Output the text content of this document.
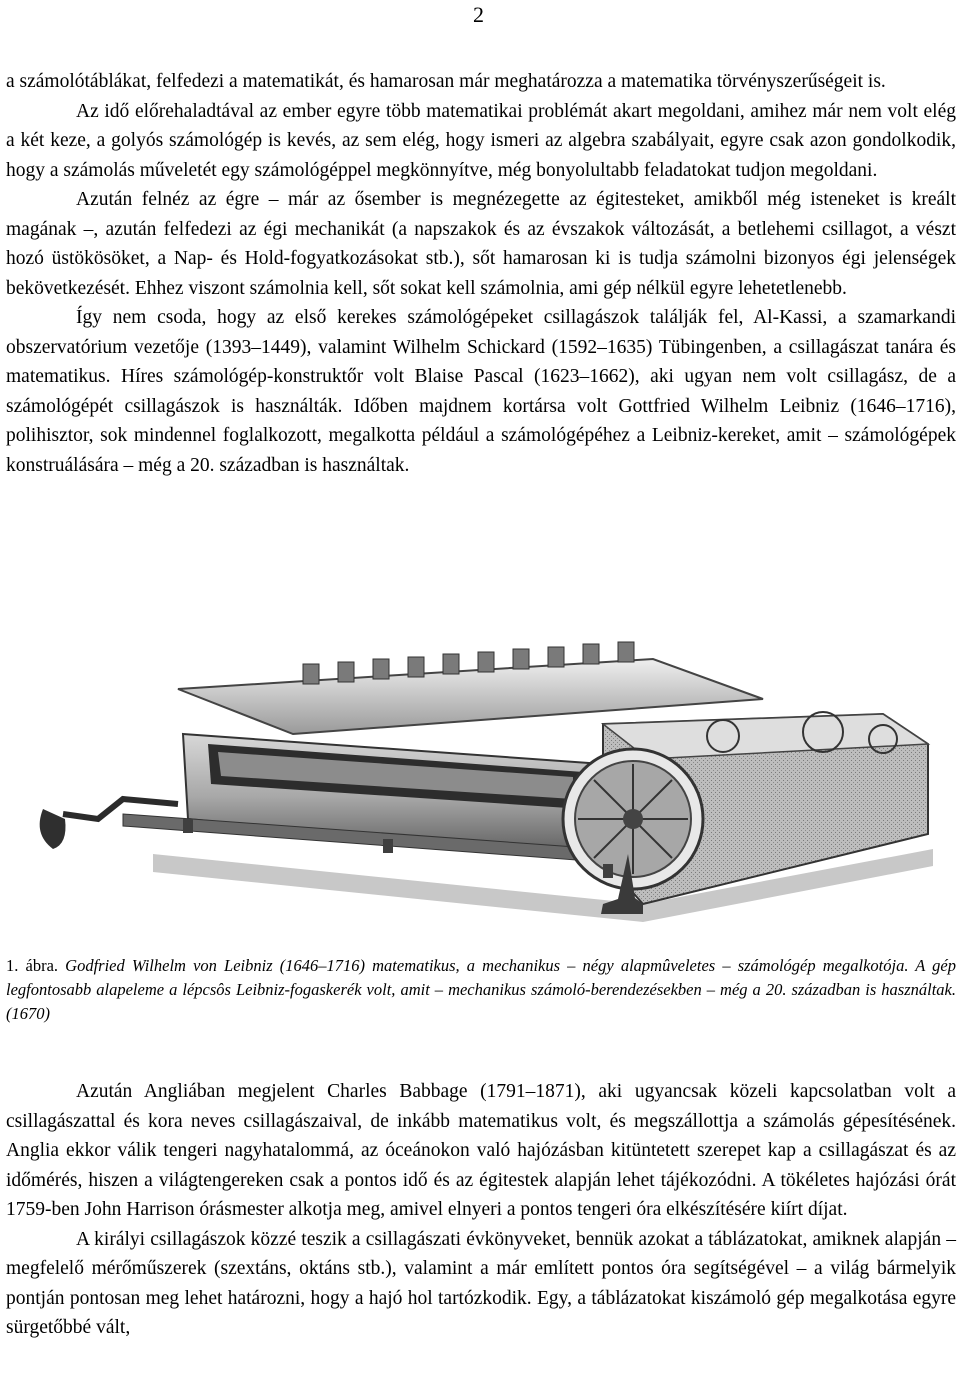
2

a számolótáblákat, felfedezi a matematikát, és hamarosan már meghatározza a matematika törvényszerűségeit is.

Az idő előrehaladtával az ember egyre több matematikai problémát akart megoldani, amihez már nem volt elég a két keze, a golyós számológép is kevés, az sem elég, hogy ismeri az algebra szabályait, egyre csak azon gondolkodik, hogy a számolás műveletét egy számológéppel megkönnyítve, még bonyolultabb feladatokat tudjon megoldani.

Azután felnéz az égre – már az ősember is megnézegette az égitesteket, amikből még isteneket is kreált magának –, azután felfedezi az égi mechanikát (a napszakok és az évszakok változását, a betlehemi csillagot, a vészt hozó üstökösöket, a Nap- és Hold-fogyatkozásokat stb.), sőt hamarosan ki is tudja számolni bizonyos égi jelenségek bekövetkezését. Ehhez viszont számolnia kell, sőt sokat kell számolnia, ami gép nélkül egyre lehetetlenebb.

Így nem csoda, hogy az első kerekes számológépeket csillagászok találják fel, Al-Kassi, a szamarkandi obszervatórium vezetője (1393–1449), valamint Wilhelm Schickard (1592–1635) Tübingenben, a csillagászat tanára és matematikus. Híres számológép-konstruktőr volt Blaise Pascal (1623–1662), aki ugyan nem volt csillagász, de a számológépét csillagászok is használták. Időben majdnem kortársa volt Gottfried Wilhelm Leibniz (1646–1716), polihisztor, sok mindennel foglalkozott, megalkotta például a számológépéhez a Leibniz-kereket, amit – számológépek konstruálására – még a 20. században is használtak.

1. ábra. Godfried Wilhelm von Leibniz (1646–1716) matematikus, a mechanikus – négy alapmûveletes – számológép megalkotója. A gép legfontosabb alapeleme a lépcsôs Leibniz-fogaskerék volt, amit – mechanikus számoló-berendezésekben – még a 20. században is használtak. (1670)

Azután Angliában megjelent Charles Babbage (1791–1871), aki ugyancsak közeli kapcsolatban volt a csillagászattal és kora neves csillagászaival, de inkább matematikus volt, és megszállottja a számolás gépesítésének. Anglia ekkor válik tengeri nagyhatalommá, az óceánokon való hajózásban kitüntetett szerepet kap a csillagászat és az időmérés, hiszen a világtengereken csak a pontos idő és az égitestek alapján lehet tájékozódni. A tökéletes hajózási órát 1759-ben John Harrison órásmester alkotja meg, amivel elnyeri a pontos tengeri óra elkészítésére kiírt díjat.

A királyi csillagászok közzé teszik a csillagászati évkönyveket, bennük azokat a táblázatokat, amiknek alapján – megfelelő mérőműszerek (szextáns, oktáns stb.), valamint a már említett pontos óra segítségével – a világ bármelyik pontján pontosan meg lehet határozni, hogy a hajó hol tartózkodik. Egy, a táblázatokat kiszámoló gép megalkotása egyre sürgetőbbé vált,
